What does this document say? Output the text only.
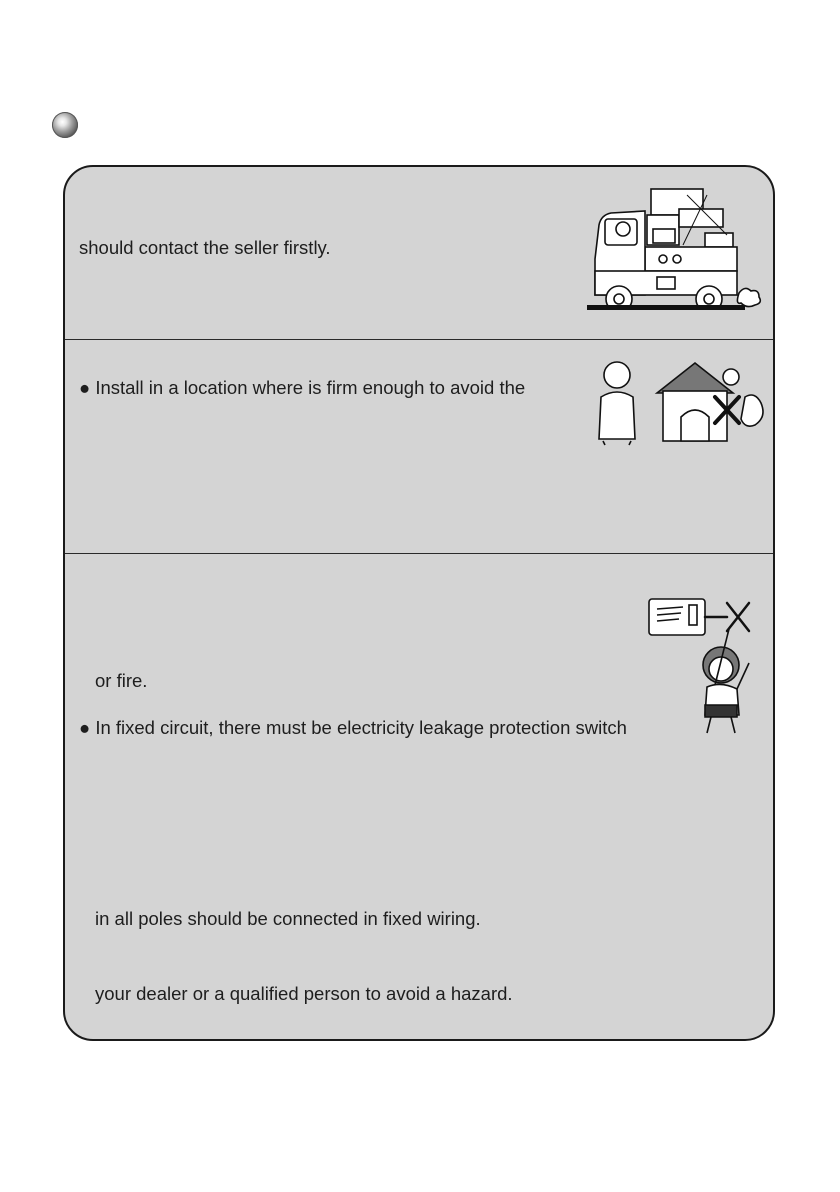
should contact the seller firstly.
● Install in a location where is firm enough to avoid the
or fire.
● In fixed circuit, there must be electricity leakage protection switch
in all poles should be connected in fixed wiring.
your dealer or a qualified person to avoid a hazard.
